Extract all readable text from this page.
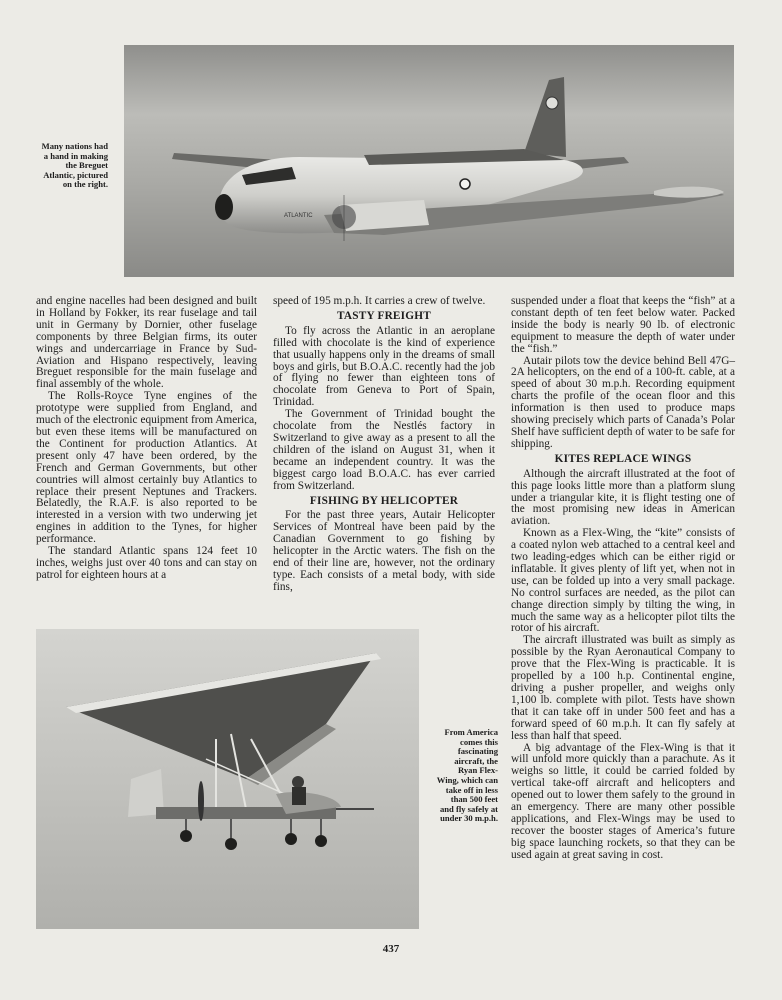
Many nations had a hand in making the Breguet Atlantic, pictured on the right.
ATLANTIC

and engine nacelles had been designed and built in Holland by Fokker, its rear fuselage and tail unit in Germany by Dornier, other fuselage components by three Belgian firms, its outer wings and undercarriage in France by Sud-Aviation and Hispano respectively, leaving Breguet responsible for the main fuselage and final assembly of the whole.

The Rolls-Royce Tyne engines of the prototype were supplied from England, and much of the electronic equipment from America, but even these items will be manufactured on the Continent for production Atlantics. At present only 47 have been ordered, by the French and German Governments, but other countries will almost certainly buy Atlantics to replace their present Neptunes and Trackers. Belatedly, the R.A.F. is also reported to be interested in a version with two underwing jet engines in addition to the Tynes, for higher performance.

The standard Atlantic spans 124 feet 10 inches, weighs just over 40 tons and can stay on patrol for eighteen hours at a

speed of 195 m.p.h. It carries a crew of twelve.

TASTY FREIGHT

To fly across the Atlantic in an aeroplane filled with chocolate is the kind of experience that usually happens only in the dreams of small boys and girls, but B.O.A.C. recently had the job of flying no fewer than eighteen tons of chocolate from Geneva to Port of Spain, Trinidad.

The Government of Trinidad bought the chocolate from the Nestlés factory in Switzerland to give away as a present to all the children of the island on August 31, when it became an independent country. It was the biggest cargo load B.O.A.C. has ever carried from Switzerland.

FISHING BY HELICOPTER

For the past three years, Autair Helicopter Services of Montreal have been paid by the Canadian Government to go fishing by helicopter in the Arctic waters. The fish on the end of their line are, however, not the ordinary type. Each consists of a metal body, with side fins,

suspended under a float that keeps the “fish” at a constant depth of ten feet below water. Packed inside the body is nearly 90 lb. of electronic equipment to measure the depth of water under the “fish.”

Autair pilots tow the device behind Bell 47G–2A helicopters, on the end of a 100-ft. cable, at a speed of about 30 m.p.h. Recording equipment charts the profile of the ocean floor and this information is then used to produce maps showing precisely which parts of Canada’s Polar Shelf have sufficient depth of water to be safe for shipping.

KITES REPLACE WINGS

Although the aircraft illustrated at the foot of this page looks little more than a platform slung under a triangular kite, it is flight testing one of the most promising new ideas in American aviation.

Known as a Flex-Wing, the “kite” consists of a coated nylon web attached to a central keel and two leading-edges which can be either rigid or inflatable. It gives plenty of lift yet, when not in use, can be folded up into a very small package. No control surfaces are needed, as the pilot can change direction simply by tilting the wing, in much the same way as a helicopter pilot tilts the rotor of his aircraft.

The aircraft illustrated was built as simply as possible by the Ryan Aeronautical Company to prove that the Flex-Wing is practicable. It is propelled by a 100 h.p. Continental engine, driving a pusher propeller, and weighs only 1,100 lb. complete with pilot. Tests have shown that it can take off in under 500 feet and has a forward speed of 60 m.p.h. It can fly safely at less than half that speed.

A big advantage of the Flex-Wing is that it will unfold more quickly than a parachute. As it weighs so little, it could be carried folded by vertical take-off aircraft and helicopters and opened out to lower them safely to the ground in an emergency. There are many other possible applications, and Flex-Wings may be used to recover the booster stages of America’s future big space launching rockets, so that they can be used again at great saving in cost.

From America comes this fascinating aircraft, the Ryan Flex-Wing, which can take off in less than 500 feet and fly safely at under 30 m.p.h.
437
